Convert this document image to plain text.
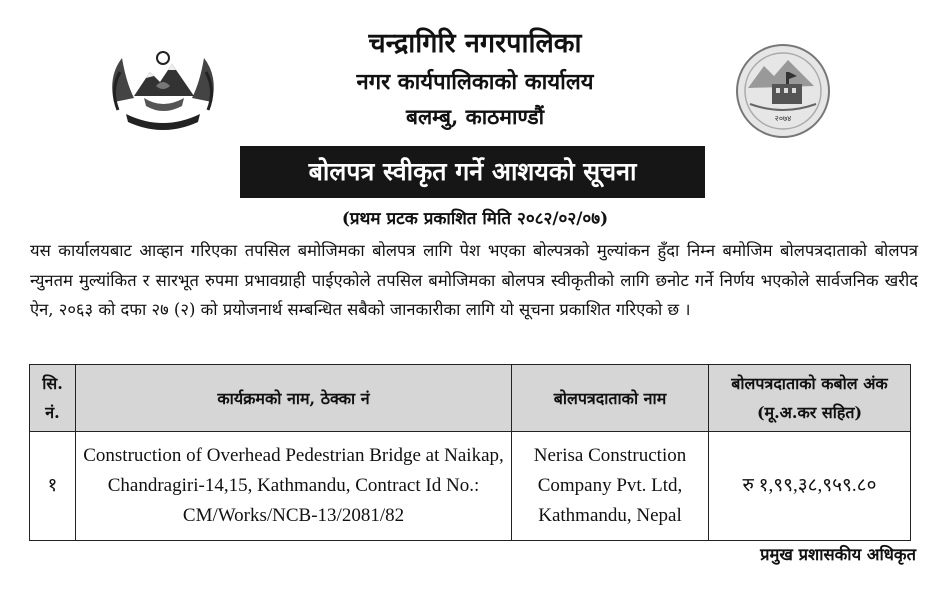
२०७४
चन्द्रागिरि नगरपालिका
नगर कार्यपालिकाको कार्यालय
बलम्बु, काठमाण्डौं
बोलपत्र स्वीकृत गर्ने आशयको सूचना
(प्रथम प्रटक प्रकाशित मिति २०८२/०२/०७)
यस कार्यालयबाट आव्हान गरिएका तपसिल बमोजिमका बोलपत्र लागि पेश भएका बोल्पत्रको मुल्यांकन हुँदा निम्न बमोजिम बोलपत्रदाताको बोलपत्र न्युनतम मुल्यांकित र सारभूत रुपमा प्रभावग्राही पाईएकोले तपसिल बमोजिमका बोलपत्र स्वीकृतीको लागि छनोट गर्ने निर्णय भएकोले सार्वजनिक खरीद ऐन, २०६३ को दफा २७ (२) को प्रयोजनार्थ सम्बन्धित सबैको जानकारीका लागि यो सूचना प्रकाशित गरिएको छ ।
सि. नं.	कार्यक्रमको नाम, ठेक्का नं	बोलपत्रदाताको नाम	बोलपत्रदाताको कबोल अंक (मू.अ.कर सहित)
१	Construction of Overhead Pedestrian Bridge at Naikap, Chandragiri-14,15, Kathmandu, Contract Id No.: CM/Works/NCB-13/2081/82	Nerisa Construction Company Pvt. Ltd, Kathmandu, Nepal	रु १,९९,३८,९५९.८०
प्रमुख प्रशासकीय अधिकृत
